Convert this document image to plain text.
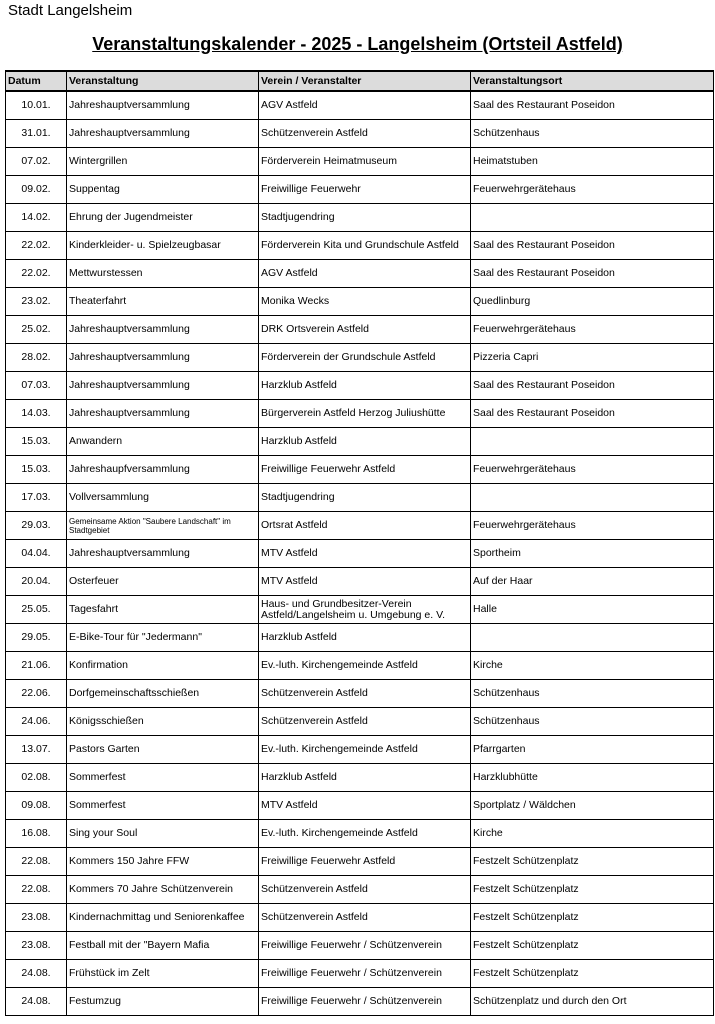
Stadt Langelsheim
Veranstaltungskalender - 2025 - Langelsheim (Ortsteil Astfeld)
Datum	Veranstaltung	Verein / Veranstalter	Veranstaltungsort
10.01.	Jahreshauptversammlung	AGV Astfeld	Saal des Restaurant Poseidon
31.01.	Jahreshauptversammlung	Schützenverein Astfeld	Schützenhaus
07.02.	Wintergrillen	Förderverein Heimatmuseum	Heimatstuben
09.02.	Suppentag	Freiwillige Feuerwehr	Feuerwehrgerätehaus
14.02.	Ehrung der Jugendmeister	Stadtjugendring	
22.02.	Kinderkleider- u. Spielzeugbasar	Förderverein Kita und Grundschule Astfeld	Saal des Restaurant Poseidon
22.02.	Mettwurstessen	AGV Astfeld	Saal des Restaurant Poseidon
23.02.	Theaterfahrt	Monika Wecks	Quedlinburg
25.02.	Jahreshauptversammlung	DRK Ortsverein Astfeld	Feuerwehrgerätehaus
28.02.	Jahreshauptversammlung	Förderverein der Grundschule Astfeld	Pizzeria Capri
07.03.	Jahreshauptversammlung	Harzklub Astfeld	Saal des Restaurant Poseidon
14.03.	Jahreshauptversammlung	Bürgerverein Astfeld Herzog Juliushütte	Saal des Restaurant Poseidon
15.03.	Anwandern	Harzklub Astfeld	
15.03.	Jahreshaupfversammlung	Freiwillige Feuerwehr Astfeld	Feuerwehrgerätehaus
17.03.	Vollversammlung	Stadtjugendring	
29.03.	Gemeinsame Aktion "Saubere Landschaft" im Stadtgebiet	Ortsrat Astfeld	Feuerwehrgerätehaus
04.04.	Jahreshauptversammlung	MTV Astfeld	Sportheim
20.04.	Osterfeuer	MTV Astfeld	Auf der Haar
25.05.	Tagesfahrt	Haus- und Grundbesitzer-Verein Astfeld/Langelsheim u. Umgebung e. V.	Halle
29.05.	E-Bike-Tour für "Jedermann"	Harzklub Astfeld	
21.06.	Konfirmation	Ev.-luth. Kirchengemeinde Astfeld	Kirche
22.06.	Dorfgemeinschaftsschießen	Schützenverein Astfeld	Schützenhaus
24.06.	Königsschießen	Schützenverein Astfeld	Schützenhaus
13.07.	Pastors Garten	Ev.-luth. Kirchengemeinde Astfeld	Pfarrgarten
02.08.	Sommerfest	Harzklub Astfeld	Harzklubhütte
09.08.	Sommerfest	MTV Astfeld	Sportplatz / Wäldchen
16.08.	Sing your Soul	Ev.-luth. Kirchengemeinde Astfeld	Kirche
22.08.	Kommers 150 Jahre FFW	Freiwillige Feuerwehr Astfeld	Festzelt Schützenplatz
22.08.	Kommers 70 Jahre Schützenverein	Schützenverein Astfeld	Festzelt Schützenplatz
23.08.	Kindernachmittag und Seniorenkaffee	Schützenverein Astfeld	Festzelt Schützenplatz
23.08.	Festball mit der "Bayern Mafia	Freiwillige Feuerwehr / Schützenverein	Festzelt Schützenplatz
24.08.	Frühstück im Zelt	Freiwillige Feuerwehr / Schützenverein	Festzelt Schützenplatz
24.08.	Festumzug	Freiwillige Feuerwehr / Schützenverein	Schützenplatz und durch den Ort
